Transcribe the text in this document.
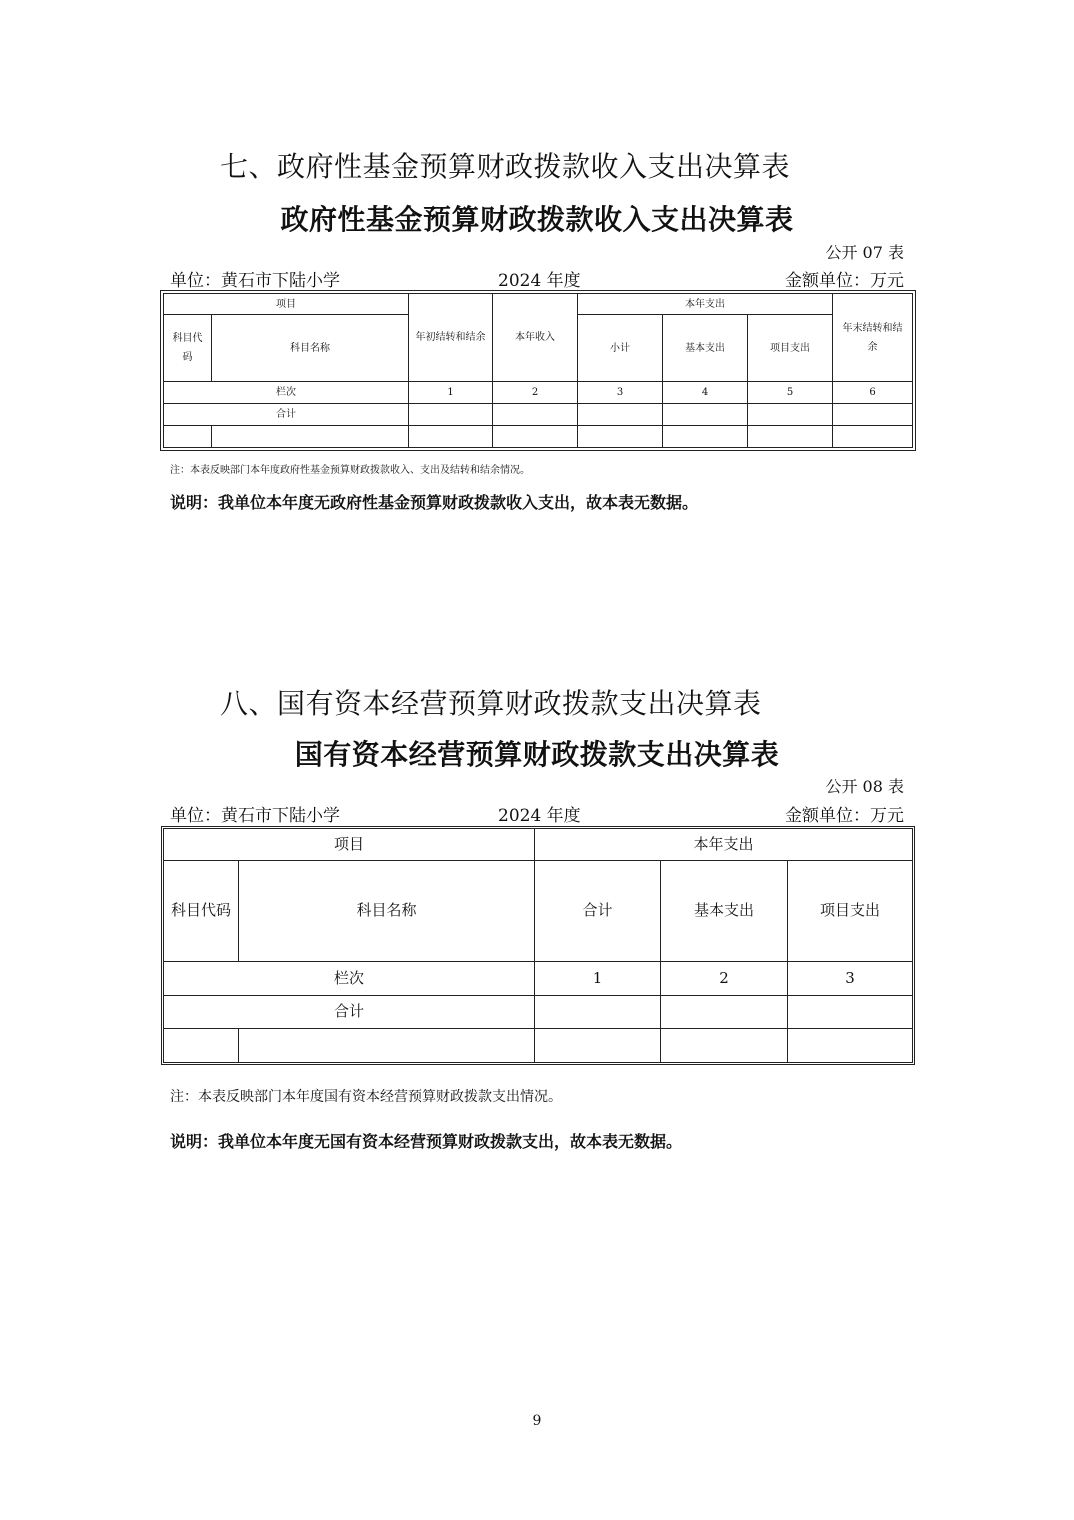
七、政府性基金预算财政拨款收入支出决算表
政府性基金预算财政拨款收入支出决算表
公开 07 表
单位：黄石市下陆小学	2024 年度	金额单位：万元
项目		年初结转和结余	本年收入	本年支出			年末结转和结余
科目代码	科目名称			小计	基本支出	项目支出	
栏次		1	2	3	4	5	6
合计							

注：本表反映部门本年度政府性基金预算财政拨款收入、支出及结转和结余情况。
说明：我单位本年度无政府性基金预算财政拨款收入支出，故本表无数据。
八、国有资本经营预算财政拨款支出决算表
国有资本经营预算财政拨款支出决算表
公开 08 表
单位：黄石市下陆小学	2024 年度	金额单位：万元
项目		本年支出		
科目代码	科目名称	合计	基本支出	项目支出
栏次		1	2	3
合计				

注：本表反映部门本年度国有资本经营预算财政拨款支出情况。
说明：我单位本年度无国有资本经营预算财政拨款支出，故本表无数据。
9
